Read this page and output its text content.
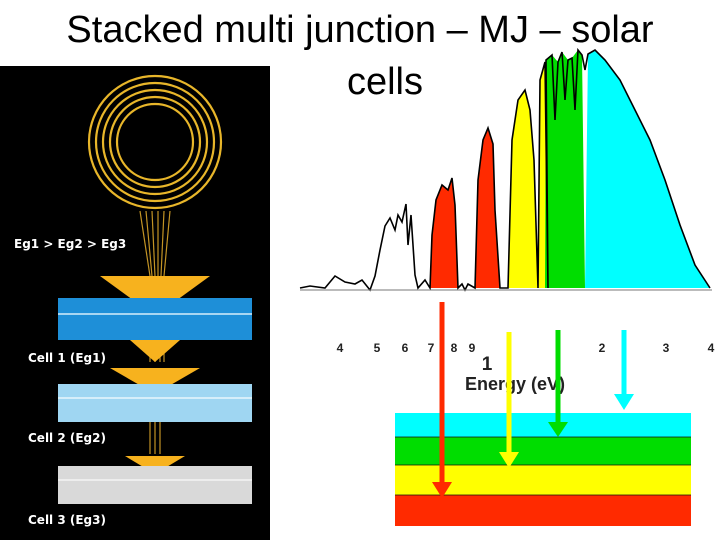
Stacked multi junction – MJ – solar
cells
Eg1 > Eg2 > Eg3
Cell 1 (Eg1)
Cell 2 (Eg2)
Cell 3 (Eg3)
4	5 6 7 8 9
1
2	3	4
Energy (eV)
